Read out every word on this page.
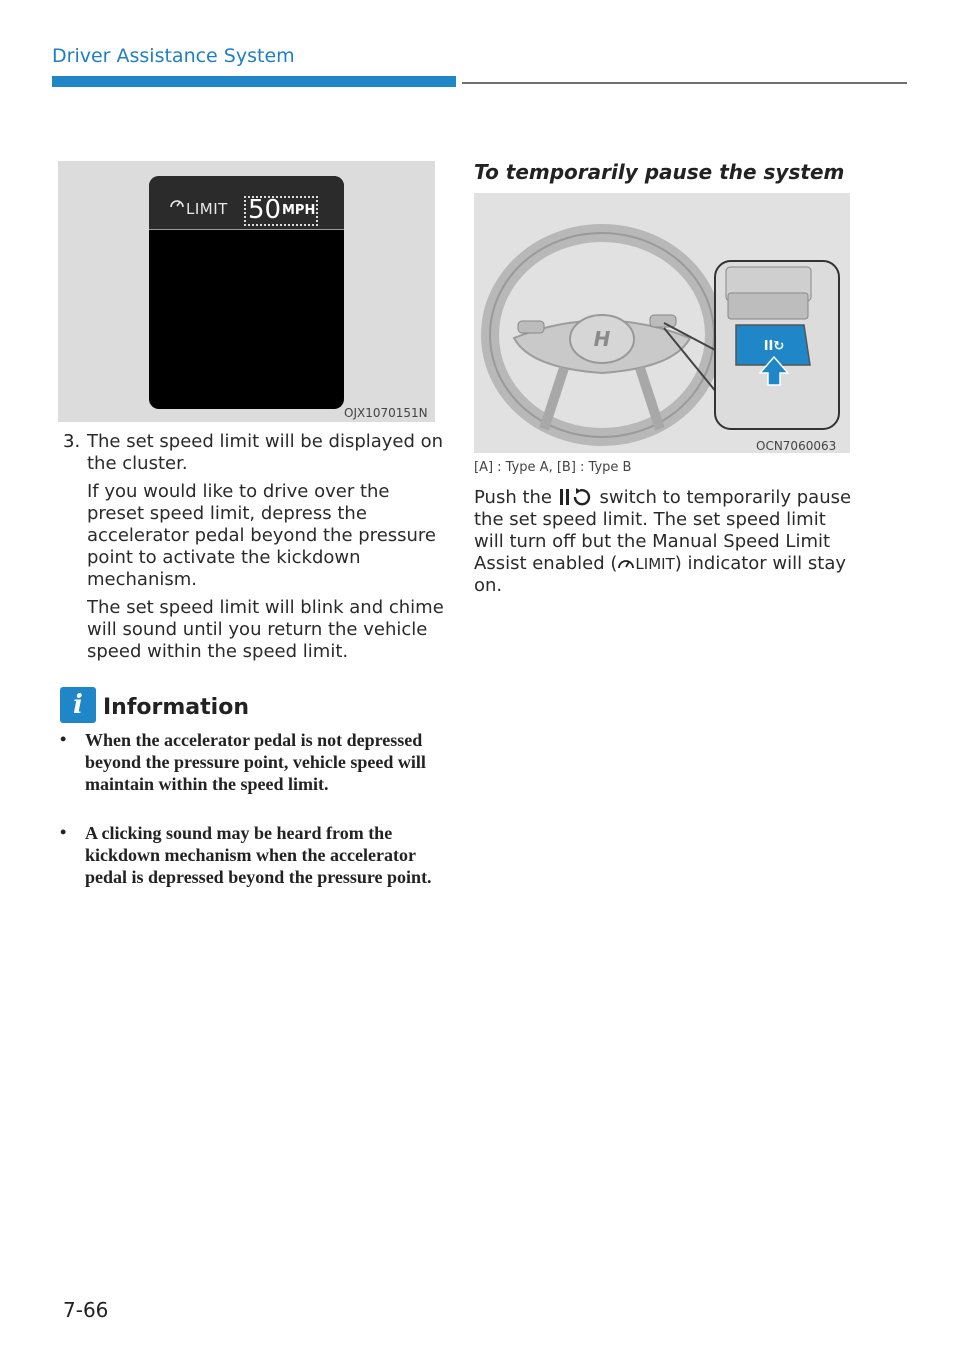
Driver Assistance System
LIMIT 50 MPH
OJX1070151N
3. The set speed limit will be displayed on the cluster.
If you would like to drive over the preset speed limit, depress the accelerator pedal beyond the pressure point to activate the kickdown mechanism.
The set speed limit will blink and chime will sound until you return the vehicle speed within the speed limit.
i Information
• When the accelerator pedal is not depressed beyond the pressure point, vehicle speed will maintain within the speed limit.
• A clicking sound may be heard from the kickdown mechanism when the accelerator pedal is depressed beyond the pressure point.
To temporarily pause the system
H	II↻
OCN7060063
[A] : Type A, [B] : Type B
Push the	switch to temporarily pause the set speed limit. The set speed limit will turn off but the Manual Speed Limit Assist enabled ( LIMIT) indicator will stay on.
7-66
